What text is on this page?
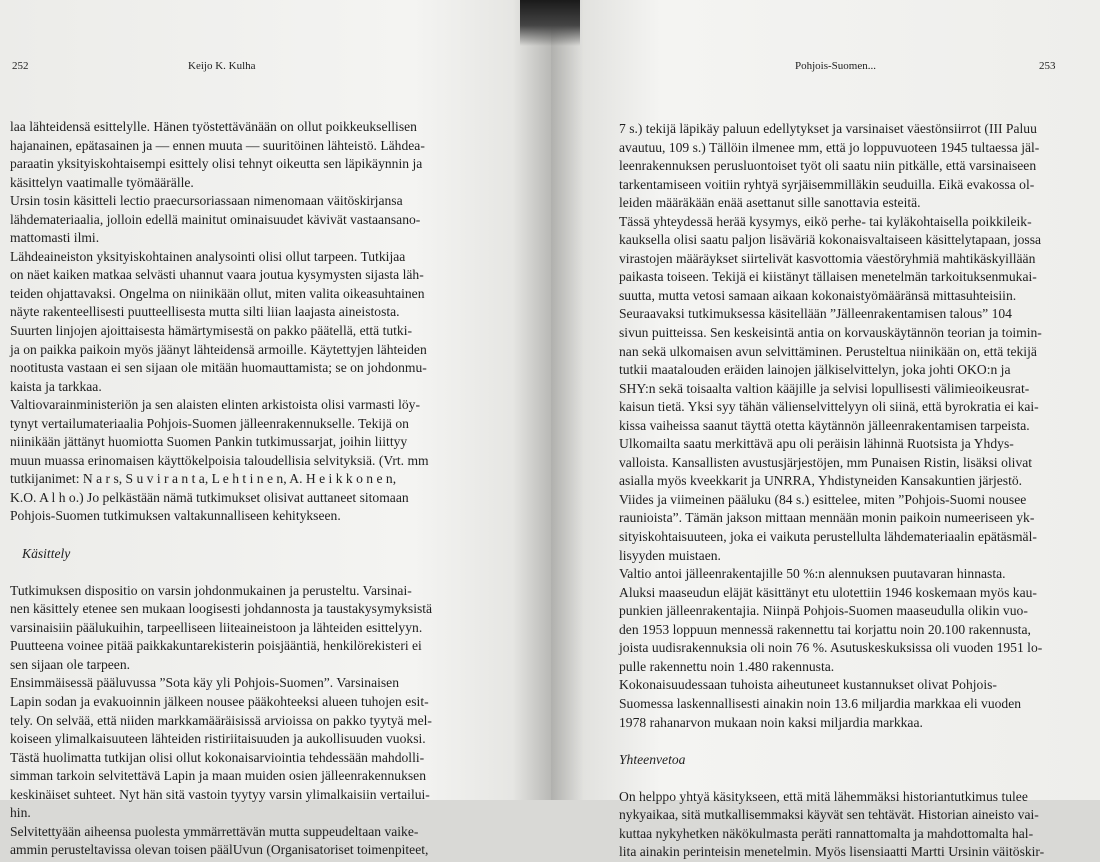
252	Keijo K. Kulha
laa lähteidensä esittelylle. Hänen työstettävänään on ollut poikkeuksellisen
hajanainen, epätasainen ja — ennen muuta — suuritöinen lähteistö. Lähdea-
paraatin yksityiskohtaisempi esittely olisi tehnyt oikeutta sen läpikäynnin ja
käsittelyn vaatimalle työmäärälle.
Ursin tosin käsitteli lectio praecursoriassaan nimenomaan väitöskirjansa
lähdemateriaalia, jolloin edellä mainitut ominaisuudet kävivät vastaansano-
mattomasti ilmi.
Lähdeaineiston yksityiskohtainen analysointi olisi ollut tarpeen. Tutkijaa
on näet kaiken matkaa selvästi uhannut vaara joutua kysymysten sijasta läh-
teiden ohjattavaksi. Ongelma on niinikään ollut, miten valita oikeasuhtainen
näyte rakenteellisesti puutteellisesta mutta silti liian laajasta aineistosta.
Suurten linjojen ajoittaisesta hämärtymisestä on pakko päätellä, että tutki-
ja on paikka paikoin myös jäänyt lähteidensä armoille. Käytettyjen lähteiden
nootitusta vastaan ei sen sijaan ole mitään huomauttamista; se on johdonmu-
kaista ja tarkkaa.
Valtiovarainministeriön ja sen alaisten elinten arkistoista olisi varmasti löy-
tynyt vertailumateriaalia Pohjois-Suomen jälleenrakennukselle. Tekijä on
niinikään jättänyt huomiotta Suomen Pankin tutkimussarjat, joihin liittyy
muun muassa erinomaisen käyttökelpoisia taloudellisia selvityksiä. (Vrt. mm
tutkijanimet: N a r s, S u v i r a n t a, L e h t i n e n, A. H e i k k o n e n,
K.O. A l h o.) Jo pelkästään nämä tutkimukset olisivat auttaneet sitomaan
Pohjois-Suomen tutkimuksen valtakunnalliseen kehitykseen.
Käsittely
Tutkimuksen dispositio on varsin johdonmukainen ja perusteltu. Varsinai-
nen käsittely etenee sen mukaan loogisesti johdannosta ja taustakysymyksistä
varsinaisiin päälukuihin, tarpeelliseen liiteaineistoon ja lähteiden esittelyyn.
Puutteena voinee pitää paikkakuntarekisterin poisjääntiä, henkilörekisteri ei
sen sijaan ole tarpeen.
Ensimmäisessä pääluvussa ”Sota käy yli Pohjois-Suomen”. Varsinaisen
Lapin sodan ja evakuoinnin jälkeen nousee pääkohteeksi alueen tuhojen esit-
tely. On selvää, että niiden markkamääräisissä arvioissa on pakko tyytyä mel-
koiseen ylimalkaisuuteen lähteiden ristiriitaisuuden ja aukollisuuden vuoksi.
Tästä huolimatta tutkijan olisi ollut kokonaisarviointia tehdessään mahdolli-
simman tarkoin selvitettävä Lapin ja maan muiden osien jälleenrakennuksen
keskinäiset suhteet. Nyt hän sitä vastoin tyytyy varsin ylimalkaisiin vertailui-
hin.
Selvitettyään aiheensa puolesta ymmärrettävän mutta suppeudeltaan vaike-
ammin perusteltavissa olevan toisen päälUvun (Organisatoriset toimenpiteet,
Pohjois-Suomen...	253
7 s.) tekijä läpikäy paluun edellytykset ja varsinaiset väestönsiirrot (III Paluu
avautuu, 109 s.) Tällöin ilmenee mm, että jo loppuvuoteen 1945 tultaessa jäl-
leenrakennuksen perusluontoiset työt oli saatu niin pitkälle, että varsinaiseen
tarkentamiseen voitiin ryhtyä syrjäisemmilläkin seuduilla. Eikä evakossa ol-
leiden määräkään enää asettanut sille sanottavia esteitä.
Tässä yhteydessä herää kysymys, eikö perhe- tai kyläkohtaisella poikkileik-
kauksella olisi saatu paljon lisäväriä kokonaisvaltaiseen käsittelytapaan, jossa
virastojen määräykset siirtelivät kasvottomia väestöryhmiä mahtikäskyillään
paikasta toiseen. Tekijä ei kiistänyt tällaisen menetelmän tarkoituksenmukai-
suutta, mutta vetosi samaan aikaan kokonaistyömääränsä mittasuhteisiin.
Seuraavaksi tutkimuksessa käsitellään ”Jälleenrakentamisen talous” 104
sivun puitteissa. Sen keskeisintä antia on korvauskäytännön teorian ja toimin-
nan sekä ulkomaisen avun selvittäminen. Perusteltua niinikään on, että tekijä
tutkii maatalouden eräiden lainojen jälkiselvittelyn, joka johti OKO:n ja
SHY:n sekä toisaalta valtion kääjille ja selvisi lopullisesti välimieoikeusrat-
kaisun tietä. Yksi syy tähän välienselvittelyyn oli siinä, että byrokratia ei kai-
kissa vaiheissa saanut täyttä otetta käytännön jälleenrakentamisen tarpeista.
Ulkomailta saatu merkittävä apu oli peräisin lähinnä Ruotsista ja Yhdys-
valloista. Kansallisten avustusjärjestöjen, mm Punaisen Ristin, lisäksi olivat
asialla myös kveekkarit ja UNRRA, Yhdistyneiden Kansakuntien järjestö.
Viides ja viimeinen pääluku (84 s.) esittelee, miten ”Pohjois-Suomi nousee
raunioista”. Tämän jakson mittaan mennään monin paikoin numeeriseen yk-
sityiskohtaisuuteen, joka ei vaikuta perustellulta lähdemateriaalin epätäsmäl-
lisyyden muistaen.
Valtio antoi jälleenrakentajille 50 %:n alennuksen puutavaran hinnasta.
Aluksi maaseudun eläjät käsittänyt etu ulotettiin 1946 koskemaan myös kau-
punkien jälleenrakentajia. Niinpä Pohjois-Suomen maaseudulla olikin vuo-
den 1953 loppuun mennessä rakennettu tai korjattu noin 20.100 rakennusta,
joista uudisrakennuksia oli noin 76 %. Asutuskeskuksissa oli vuoden 1951 lo-
pulle rakennettu noin 1.480 rakennusta.
Kokonaisuudessaan tuhoista aiheutuneet kustannukset olivat Pohjois-
Suomessa laskennallisesti ainakin noin 13.6 miljardia markkaa eli vuoden
1978 rahanarvon mukaan noin kaksi miljardia markkaa.
Yhteenvetoa
On helppo yhtyä käsitykseen, että mitä lähemmäksi historiantutkimus tulee
nykyaikaa, sitä mutkallisemmaksi käyvät sen tehtävät. Historian aineisto vai-
kuttaa nykyhetken näkökulmasta peräti rannattomalta ja mahdottomalta hal-
lita ainakin perinteisin menetelmin. Myös lisensiaatti Martti Ursinin väitöskir-
